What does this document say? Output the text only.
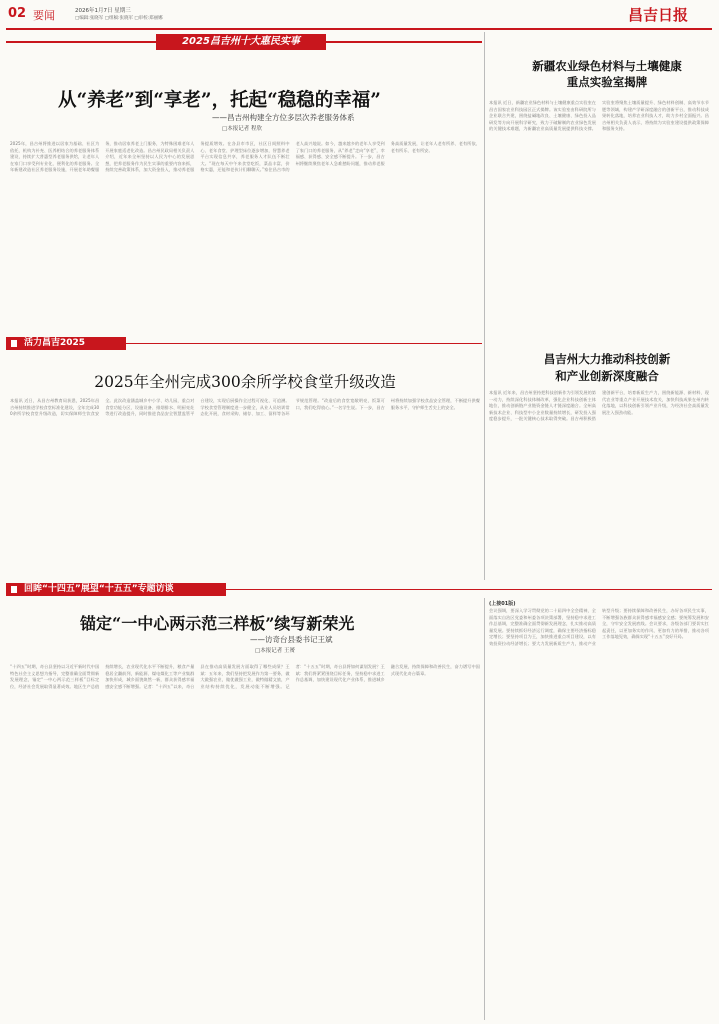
02 要闻	2026年1月7日 星期三
□编辑:张晓军 □组稿:张晓军 □审校:郑丽娜	昌吉日报
2025昌吉州十大惠民实事
从“养老”到“享老”，托起“稳稳的幸福”
——昌吉州构建全方位多层次养老服务体系
□本报记者 程欣
2025年，昌吉州将推进以居家为基础、社区为依托、机构为补充、医养相结合的养老服务体系建设，持续扩大普惠型养老服务供给，让老年人在家门口享受到专业化、便利化的养老服务。全年新建改造社区养老服务设施，开展老年助餐服务，推动居家养老上门服务，为特殊困难老年人开展家庭适老化改造。昌吉州民政局相关负责人介绍，近年来全州坚持以人民为中心的发展思想，把养老服务作为民生实事的重要内容来抓，持续完善政策体系，加大资金投入，推动养老服务提质增效。在各县市市区，社区日间照料中心、老年食堂、护理型床位逐步增加，智慧养老平台实现信息共享，养老服务人才队伍不断壮大。“现在每天中午来食堂吃饭，菜品丰富，价格实惠，还能和老伙计们聊聊天。”家住昌吉市的老人高兴地说。如今，越来越多的老年人享受到了家门口的养老服务，从“养老”走向“享老”，幸福感、获得感、安全感不断提升。下一步，昌吉州将继续聚焦老年人急难愁盼问题，推动养老服务高质量发展，让老年人老有所养、老有所依、老有所乐、老有所安。
新疆农业绿色材料与土壤健康
重点实验室揭牌
本报讯 近日，新疆农业绿色材料与土壤健康重点实验室在昌吉国家农业科技园区正式揭牌。该实验室由科研院所与企业联合共建，围绕盐碱地改良、土壤健康、绿色投入品研发等方向开展科学研究，致力于破解制约农业绿色发展的关键技术难题，为新疆农业高质量发展提供科技支撑。实验室将聚焦土壤质量提升、绿色材料创制、高效节水节肥等领域，构建产学研深度融合的创新平台，推动科技成果转化落地，培养农业科技人才，助力乡村全面振兴。昌吉州相关负责人表示，将持续为实验室建设提供政策保障和服务支持。
活力昌吉2025
昌吉州大力推动科技创新
和产业创新深度融合
本报讯 近年来，昌吉州坚持把科技创新作为引领发展的第一动力，持续深化科技体制改革，强化企业科技创新主体地位，推动创新链产业链资金链人才链深度融合。全州高新技术企业、科技型中小企业数量持续增长，研发投入强度稳步提升，一批关键核心技术取得突破。昌吉州积极搭建创新平台，培育新质生产力，围绕新能源、新材料、现代农业等重点产业开展技术攻关，加快科技成果在州内转化落地，以科技创新引领产业升级，为经济社会高质量发展注入强劲动能。
2025年全州完成300余所学校食堂升级改造
本报讯 近日，从昌吉州教育局获悉，2025年昌吉州持续推进学校食堂标准化建设，全年完成300余所学校食堂升级改造，切实保障师生饮食安全。此次改造涵盖城乡中小学、幼儿园，重点对食堂功能分区、设施设备、排烟排水、明厨亮灶等进行改造提升，同时推进食品安全智慧监管平台建设，实现后厨操作全过程可视化、可追溯。学校食堂管理制度进一步健全，从业人员培训常态化开展，食材采购、储存、加工、留样等各环节规范管理。“改造后的食堂宽敞明亮，饭菜可口，我们吃得放心。”一名学生说。下一步，昌吉州将持续加强学校食品安全管理，不断提升供餐服务水平，守护师生舌尖上的安全。
回眸“十四五”展望“十五五”专题访谈
锚定“一中心两示范三样板”续写新荣光
——访奇台县委书记王斌
□本报记者 王赟
“十四五”时期，奇台县坚持以习近平新时代中国特色社会主义思想为指导，完整准确全面贯彻新发展理念，锚定“一中心两示范三样板”目标定位，经济社会发展取得显著成效。地区生产总值持续增长，农业现代化水平不断提升，粮食产量稳居全疆前列，新能源、煤电煤化工等产业集群加快形成，城乡面貌焕然一新，群众获得感幸福感安全感不断增强。记者：“十四五”以来，奇台县在推动高质量发展方面取得了哪些成绩？王斌：五年来，我们坚持把发展作为第一要务，做大做强农业，做优做强工业，做特做精文旅，产业结构持续优化，发展动能不断增强。记者：“十五五”时期，奇台县将如何谋划发展？王斌：我们将紧紧围绕目标任务，坚持稳中求进工作总基调，加快建设现代化产业体系，推进城乡融合发展，持续保障和改善民生，奋力谱写中国式现代化奇台篇章。
(上接01版)
会议强调，要深入学习贯彻党的二十届四中全会精神，全面落实自治区党委和州委各项决策部署，坚持稳中求进工作总基调，完整准确全面贯彻新发展理念，扎实推动高质量发展。要持续抓好经济运行调度，确保主要经济指标稳定增长；要坚持项目为王，加快推进重点项目建设，以有效投资拉动经济增长；要大力发展新质生产力，推动产业转型升级；要持续保障和改善民生，办好各项民生实事，不断增强各族群众获得感幸福感安全感；要统筹发展和安全，守牢安全发展底线。会议要求，各级各部门要切实扛起责任，以更加务实的作风、更加有力的举措，推动各项工作落地见效，确保实现“十五五”良好开局。
